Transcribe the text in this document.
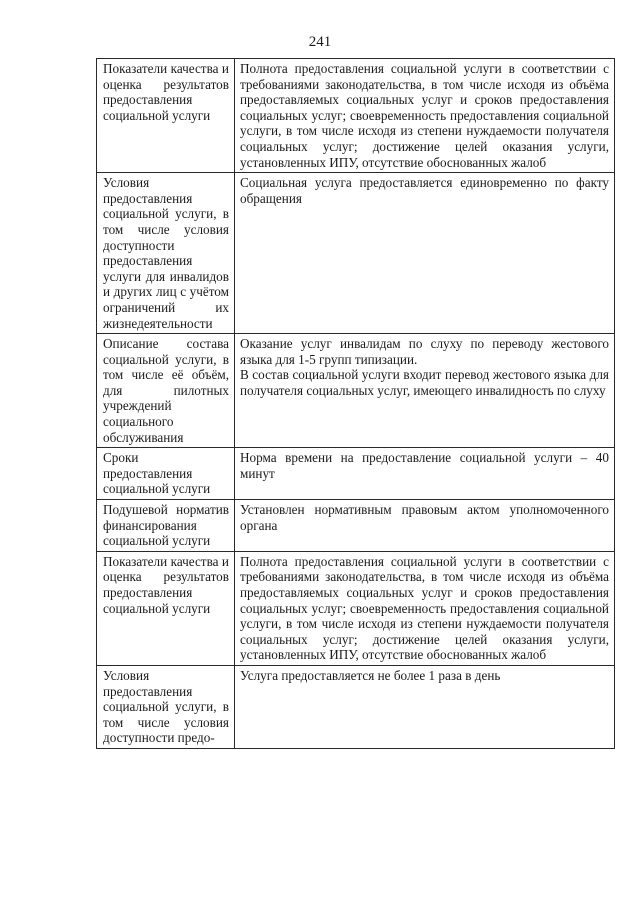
241
Показатели качества и оценка результатов предоставления социальной услуги	Полнота предоставления социальной услуги в соответствии с требованиями законодательства, в том числе исходя из объёма предоставляемых социальных услуг и сроков предоставления социальных услуг; своевременность предоставления социальной услуги, в том числе исходя из степени нуждаемости получателя социальных услуг; достижение целей оказания услуги, установленных ИПУ, отсутствие обоснованных жалоб

Условия предоставления социальной услуги, в том числе условия доступности предоставления услуги для инвалидов и других лиц с учётом ограничений их жизнедеятельности	Социальная услуга предоставляется единовременно по факту обращения

Описание состава социальной услуги, в том числе её объём, для пилотных учреждений социального обслуживания	Оказание услуг инвалидам по слуху по переводу жестового языка для 1-5 групп типизации.
В состав социальной услуги входит перевод жестового языка для получателя социальных услуг, имеющего инвалидность по слуху

Сроки предоставления социальной услуги	Норма времени на предоставление социальной услуги – 40 минут

Подушевой норматив финансирования социальной услуги	Установлен нормативным правовым актом уполномоченного органа

Показатели качества и оценка результатов предоставления социальной услуги	Полнота предоставления социальной услуги в соответствии с требованиями законодательства, в том числе исходя из объёма предоставляемых социальных услуг и сроков предоставления социальных услуг; своевременность предоставления социальной услуги, в том числе исходя из степени нуждаемости получателя социальных услуг; достижение целей оказания услуги, установленных ИПУ, отсутствие обоснованных жалоб

Условия предоставления социальной услуги, в том числе условия доступности предо-	Услуга предоставляется не более 1 раза в день
